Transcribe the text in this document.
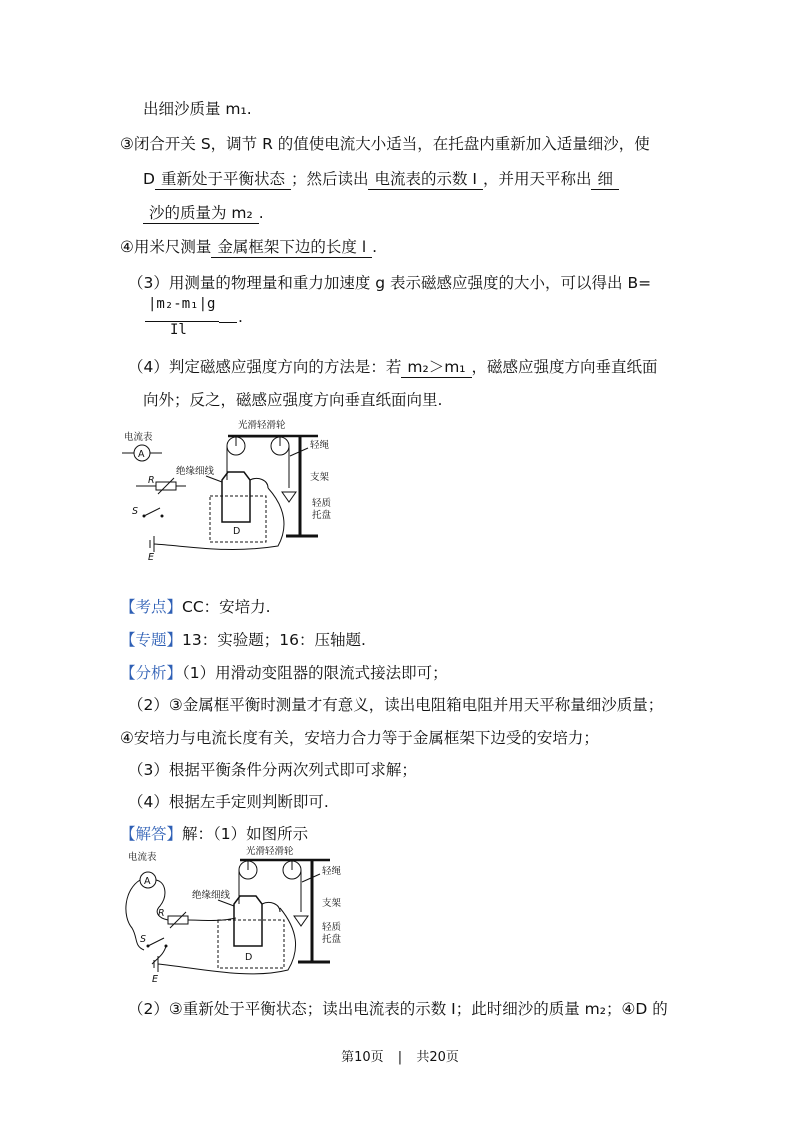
出细沙质量 m₁.
③闭合开关 S，调节 R 的值使电流大小适当，在托盘内重新加入适量细沙，使
D 重新处于平衡状态 ；然后读出 电流表的示数 I ，并用天平称出 细
沙的质量为 m₂ .
④用米尺测量 金属框架下边的长度 l .
（3）用测量的物理量和重力加速度 g 表示磁感应强度的大小，可以得出 B=
|m₂-m₁|g
Il
.
（4）判定磁感应强度方向的方法是：若 m₂＞m₁ ，磁感应强度方向垂直纸面
向外；反之，磁感应强度方向垂直纸面向里.
电流表
A
R
S
E
光滑轻滑轮
轻绳
支架
轻质
托盘
绝缘细线
D
【考点】CC：安培力.
【专题】13：实验题；16：压轴题.
【分析】（1）用滑动变阻器的限流式接法即可；
（2）③金属框平衡时测量才有意义，读出电阻箱电阻并用天平称量细沙质量；
④安培力与电流长度有关，安培力合力等于金属框架下边受的安培力；
（3）根据平衡条件分两次列式即可求解；
（4）根据左手定则判断即可.
【解答】解：（1）如图所示
电流表
A
R
S
E
光滑轻滑轮
轻绳
支架
轻质
托盘
绝缘细线
D
（2）③重新处于平衡状态；读出电流表的示数 I；此时细沙的质量 m₂；④D 的
第10页 | 共20页
